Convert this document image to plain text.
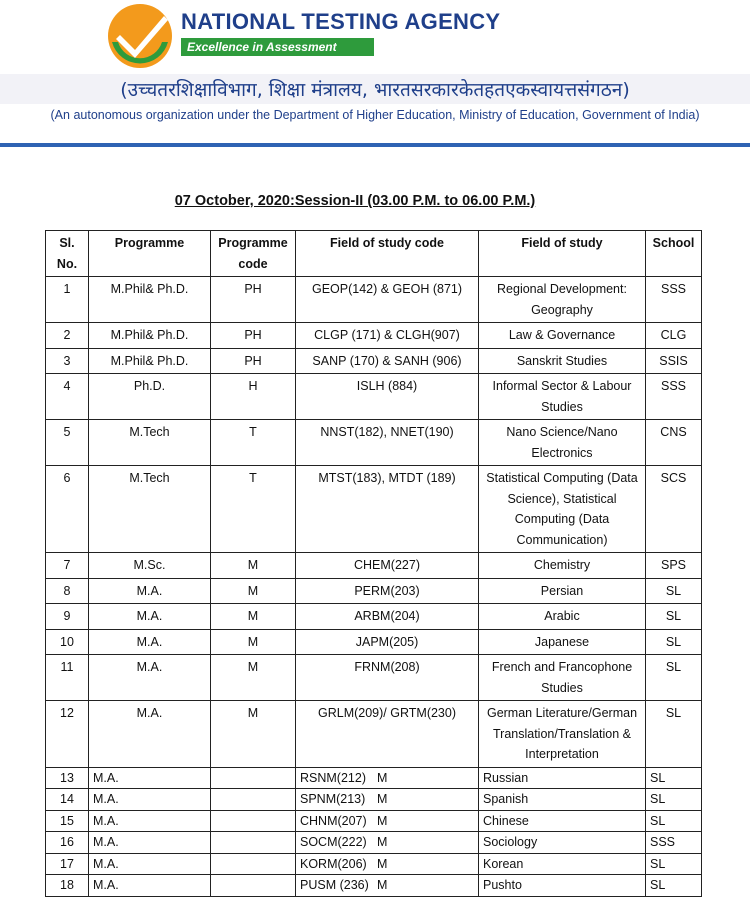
NATIONAL TESTING AGENCY
Excellence in Assessment
(उच्चतरशिक्षाविभाग, शिक्षा मंत्रालय, भारतसरकारकेतहतएकस्वायत्तसंगठन)
(An autonomous organization under the Department of Higher Education, Ministry of Education, Government of India)
07 October, 2020:Session-II (03.00 P.M. to 06.00 P.M.)
Sl. No.	Programme	Programme code	Field of study code	Field of study	School
1	M.Phil& Ph.D.	PH	GEOP(142) & GEOH (871)	Regional Development: Geography	SSS
2	M.Phil& Ph.D.	PH	CLGP (171) & CLGH(907)	Law & Governance	CLG
3	M.Phil& Ph.D.	PH	SANP (170) & SANH (906)	Sanskrit Studies	SSIS
4	Ph.D.	H	ISLH (884)	Informal Sector & Labour Studies	SSS
5	M.Tech	T	NNST(182), NNET(190)	Nano Science/Nano Electronics	CNS
6	M.Tech	T	MTST(183), MTDT (189)	Statistical Computing (Data Science), Statistical Computing (Data Communication)	SCS
7	M.Sc.	M	CHEM(227)	Chemistry	SPS
8	M.A.	M	PERM(203)	Persian	SL
9	M.A.	M	ARBM(204)	Arabic	SL
10	M.A.	M	JAPM(205)	Japanese	SL
11	M.A.	M	FRNM(208)	French and Francophone Studies	SL
12	M.A.	M	GRLM(209)/ GRTM(230)	German Literature/German Translation/Translation & Interpretation	SL
13	M.A.	M	RSNM(212)	Russian	SL
14	M.A.	M	SPNM(213)	Spanish	SL
15	M.A.	M	CHNM(207)	Chinese	SL
16	M.A.	M	SOCM(222)	Sociology	SSS
17	M.A.	M	KORM(206)	Korean	SL
18	M.A.	M	PUSM (236)	Pushto	SL
